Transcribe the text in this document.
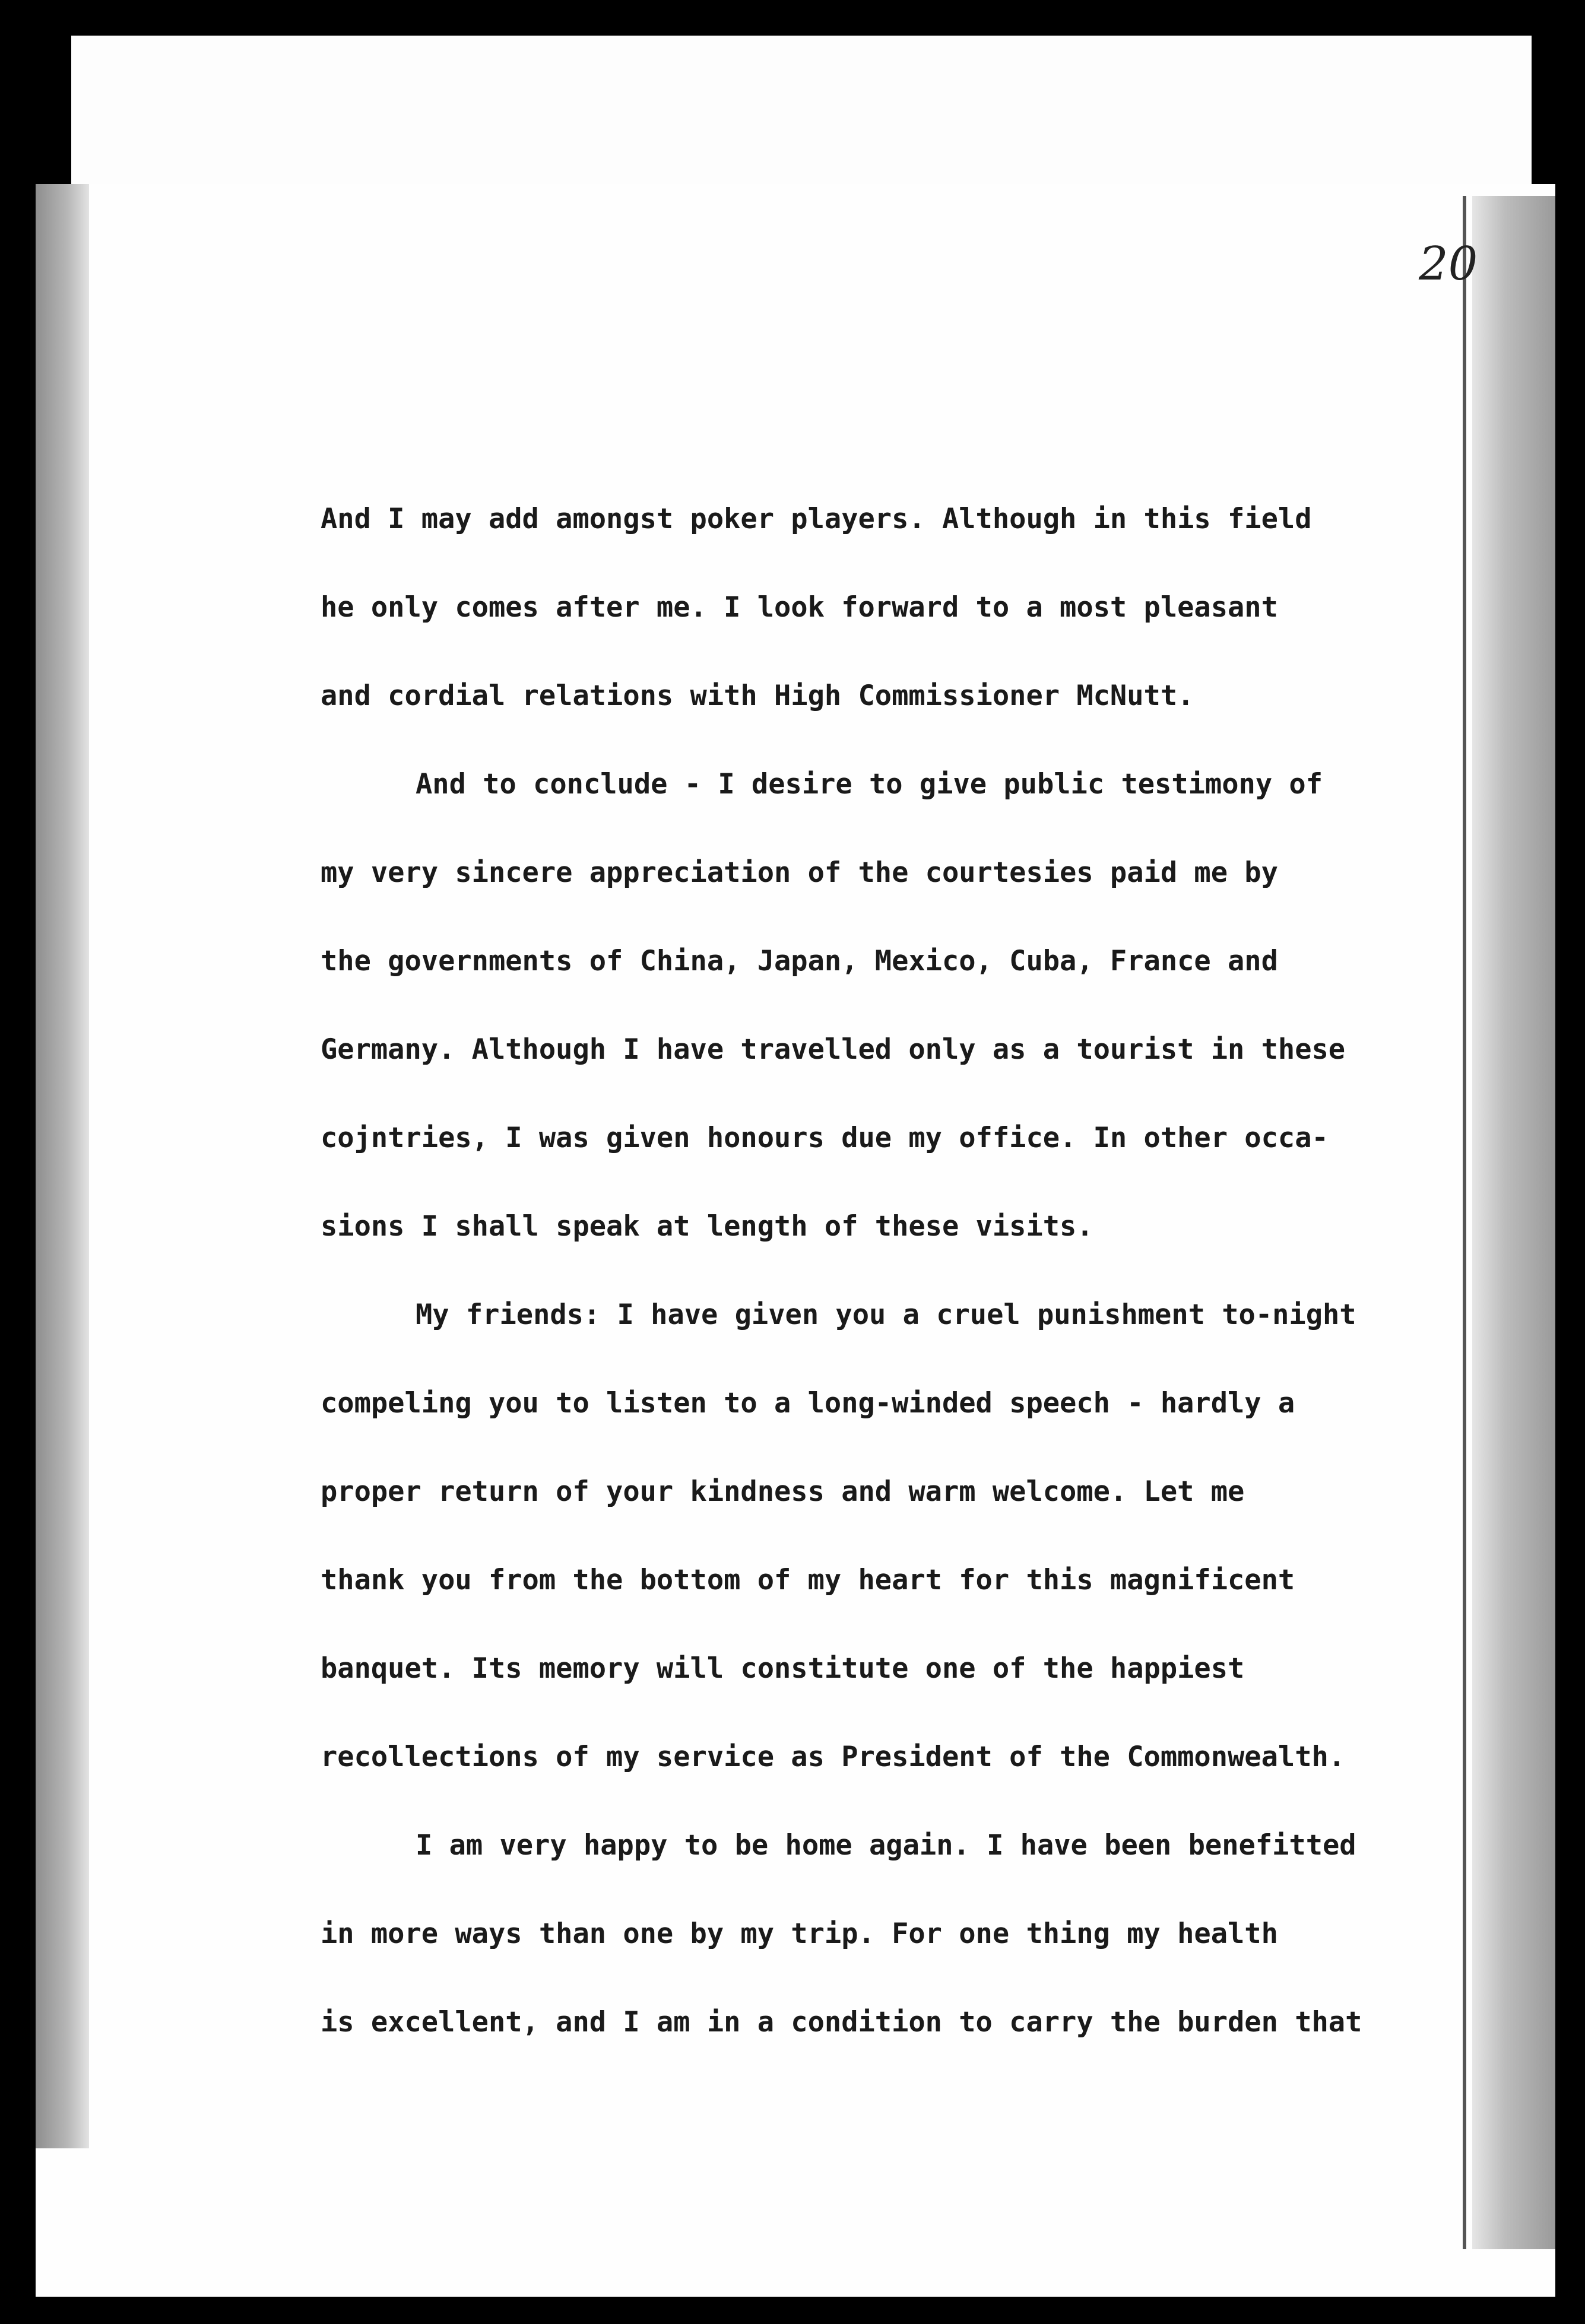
20
And I may add amongst poker players. Although in this field
he only comes after me. I look forward to a most pleasant
and cordial relations with High Commissioner McNutt.
And to conclude - I desire to give public testimony of
my very sincere appreciation of the courtesies paid me by
the governments of China, Japan, Mexico, Cuba, France and
Germany. Although I have travelled only as a tourist in these
cojntries, I was given honours due my office. In other occa-
sions I shall speak at length of these visits.
My friends: I have given you a cruel punishment to-night
compeling you to listen to a long-winded speech - hardly a
proper return of your kindness and warm welcome. Let me
thank you from the bottom of my heart for this magnificent
banquet. Its memory will constitute one of the happiest
recollections of my service as President of the Commonwealth.
I am very happy to be home again. I have been benefitted
in more ways than one by my trip. For one thing my health
is excellent, and I am in a condition to carry the burden that
